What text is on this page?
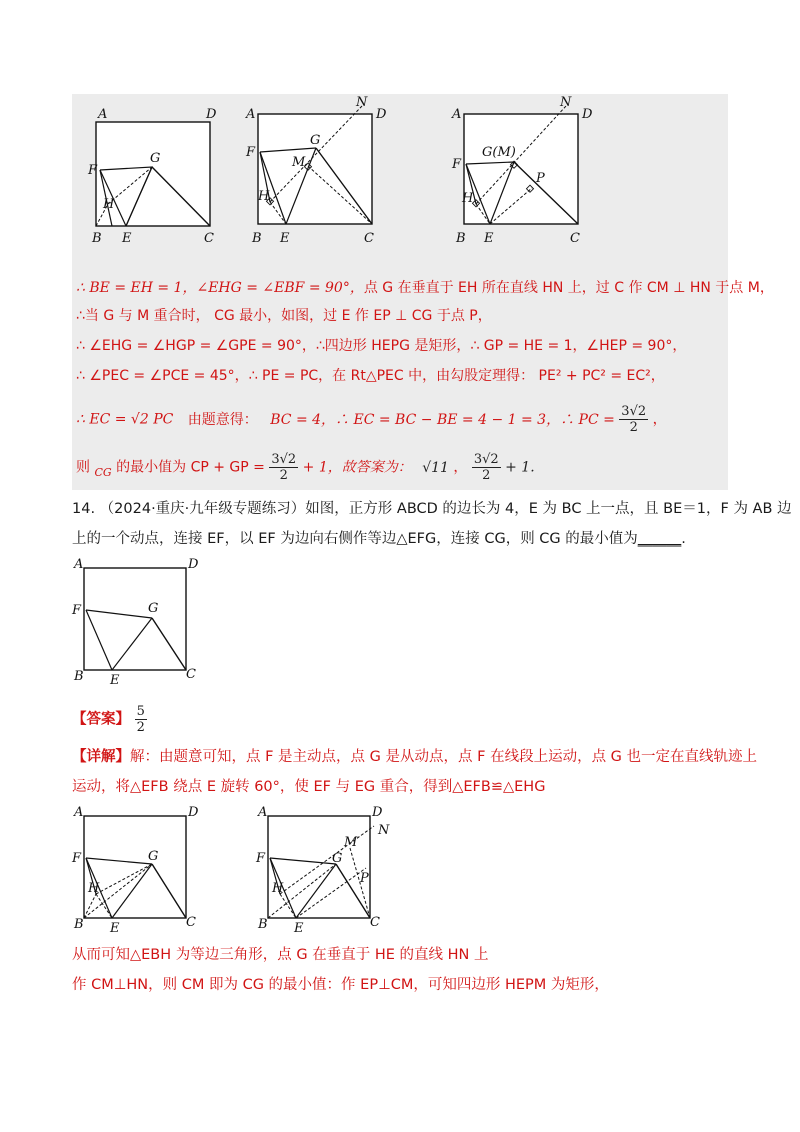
A	D
F
G
H
B E	C
A
N
D
F
G
M
H
B E	C
A
N
D
F
G(M)
P
H
B E	C
∴ BE = EH = 1，∠EHG = ∠EBF = 90°，点 G 在垂直于 EH 所在直线 HN 上，过 C 作 CM ⊥ HN 于点 M，
∴当 G 与 M 重合时， CG 最小，如图，过 E 作 EP ⊥ CG 于点 P，
∴ ∠EHG = ∠HGP = ∠GPE = 90°，∴四边形 HEPG 是矩形，∴ GP = HE = 1，∠HEP = 90°，
∴ ∠PEC = ∠PCE = 45°，∴ PE = PC，在 Rt△PEC 中，由勾股定理得： PE² + PC² = EC²，
∴ EC = √2 PC 由题意得： BC = 4，∴ EC = BC − BE = 4 − 1 = 3，∴ PC = $\frac{3√2}{2}$ ，
则 $_{CG}$ 的最小值为 CP + GP = $\frac{3√2}{2} + 1$，故答案为： √11 ， $\frac{3√2}{2} + 1$.
14. （2024·重庆·九年级专题练习）如图，正方形 ABCD 的边长为 4，E 为 BC 上一点，且 BE＝1，F 为 AB 边
上的一个动点，连接 EF，以 EF 为边向右侧作等边△EFG，连接 CG，则 CG 的最小值为______.
A	D
F	G
B E	C
【答案】 $\frac{5}{2}$
【详解】解：由题意可知，点 F 是主动点，点 G 是从动点，点 F 在线段上运动，点 G 也一定在直线轨迹上
运动，将△EFB 绕点 E 旋转 60°，使 EF 与 EG 重合，得到△EFB≌△EHG
A	D
F	G
H
B E	C
A	D
N
M
P
F	G
H
B E	C
从而可知△EBH 为等边三角形，点 G 在垂直于 HE 的直线 HN 上
作 CM⊥HN，则 CM 即为 CG 的最小值：作 EP⊥CM，可知四边形 HEPM 为矩形，
